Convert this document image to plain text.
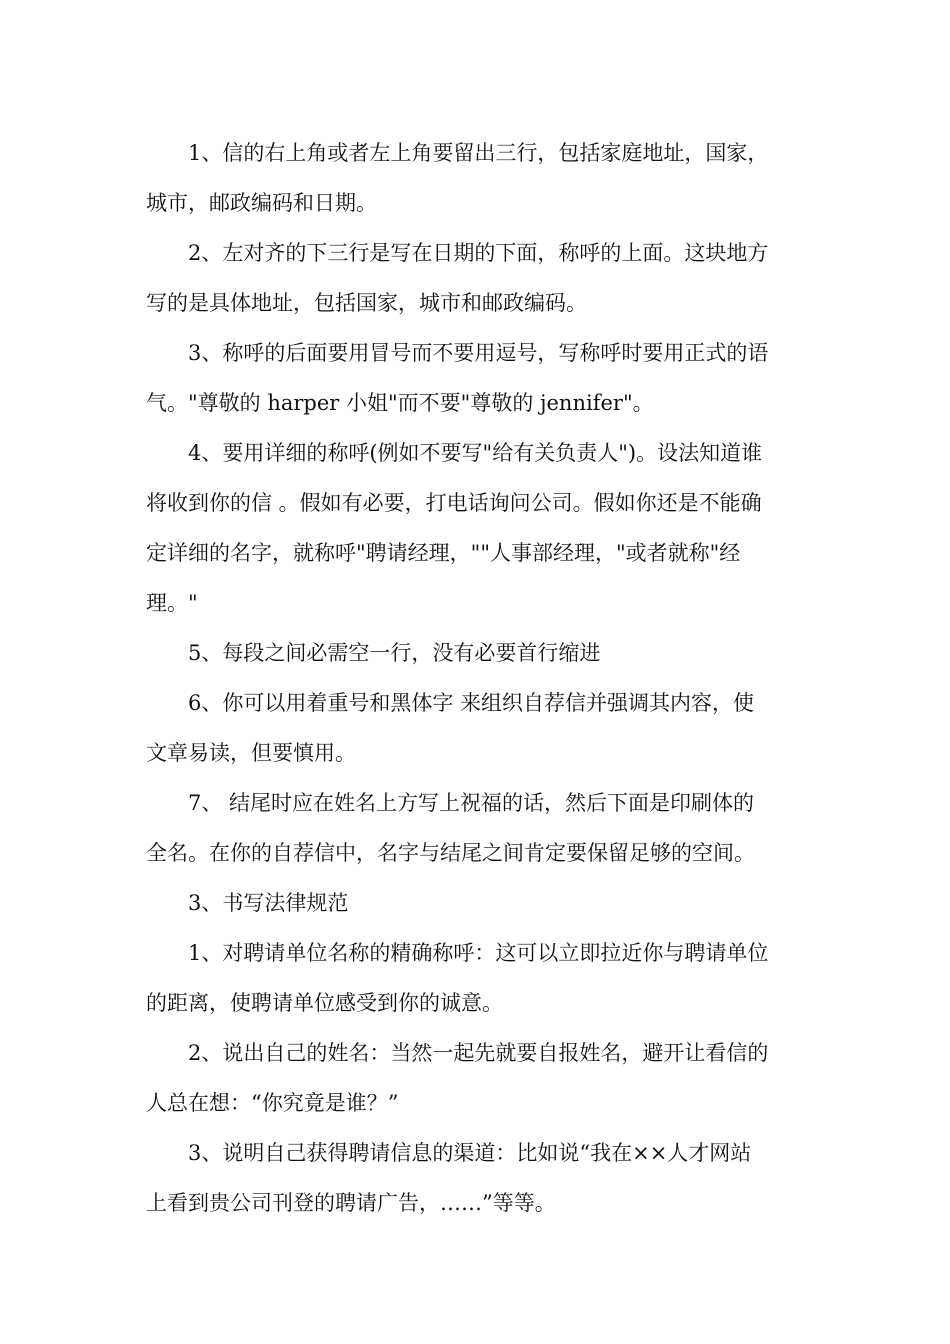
1、信的右上角或者左上角要留出三行，包括家庭地址，国家，
城市，邮政编码和日期。

2、左对齐的下三行是写在日期的下面，称呼的上面。这块地方
写的是具体地址，包括国家，城市和邮政编码。

3、称呼的后面要用冒号而不要用逗号，写称呼时要用正式的语
气。"尊敬的 harper 小姐"而不要"尊敬的 jennifer"。

4、要用详细的称呼(例如不要写"给有关负责人")。设法知道谁
将收到你的信 。假如有必要，打电话询问公司。假如你还是不能确
定详细的名字，就称呼"聘请经理，""人事部经理，"或者就称"经
理。"

5、每段之间必需空一行，没有必要首行缩进

6、你可以用着重号和黑体字 来组织自荐信并强调其内容，使
文章易读，但要慎用。

7、 结尾时应在姓名上方写上祝福的话，然后下面是印刷体的
全名。在你的自荐信中，名字与结尾之间肯定要保留足够的空间。

3、书写法律规范

1、对聘请单位名称的精确称呼：这可以立即拉近你与聘请单位
的距离，使聘请单位感受到你的诚意。

2、说出自己的姓名：当然一起先就要自报姓名，避开让看信的
人总在想：“你究竟是谁？”

3、说明自己获得聘请信息的渠道：比如说“我在××人才网站
上看到贵公司刊登的聘请广告，……”等等。
